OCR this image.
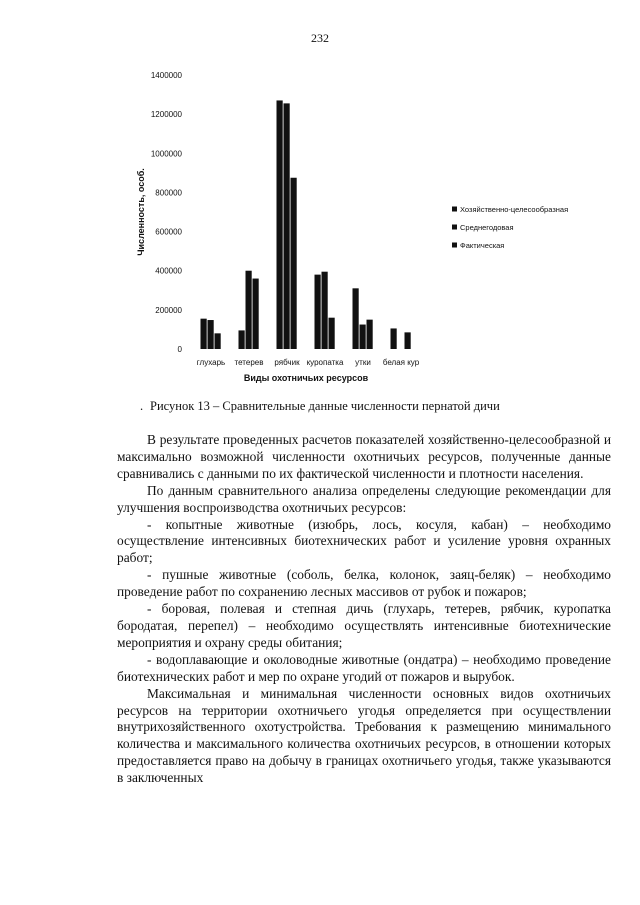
232
0
200000
400000
600000
800000
1000000
1200000
1400000
глухарь тетерев рябчик куропатка утки белая кур
Виды охотничьих ресурсов
Численность, особ.	Хозяйственно-целесообразная
Среднегодовая
Фактическая
. Рисунок 13 – Сравнительные данные численности пернатой дичи

В результате проведенных расчетов показателей хозяйственно-целесообразной и максимально возможной численности охотничьих ресурсов, полученные данные сравнивались с данными по их фактической численности и плотности населения.

По данным сравнительного анализа определены следующие рекомендации для улучшения воспроизводства охотничьих ресурсов:

- копытные животные (изюбрь, лось, косуля, кабан) – необходимо осуществление интенсивных биотехнических работ и усиление уровня охранных работ;

- пушные животные (соболь, белка, колонок, заяц-беляк) – необходимо проведение работ по сохранению лесных массивов от рубок и пожаров;

- боровая, полевая и степная дичь (глухарь, тетерев, рябчик, куропатка бородатая, перепел) – необходимо осуществлять интенсивные биотехнические мероприятия и охрану среды обитания;

- водоплавающие и околоводные животные (ондатра) – необходимо проведение биотехнических работ и мер по охране угодий от пожаров и вырубок.

Максимальная и минимальная численности основных видов охотничьих ресурсов на территории охотничьего угодья определяется при осуществлении внутрихозяйственного охотустройства. Требования к размещению минимального количества и максимального количества охотничьих ресурсов, в отношении которых предоставляется право на добычу в границах охотничьего угодья, также указываются в заключенных
